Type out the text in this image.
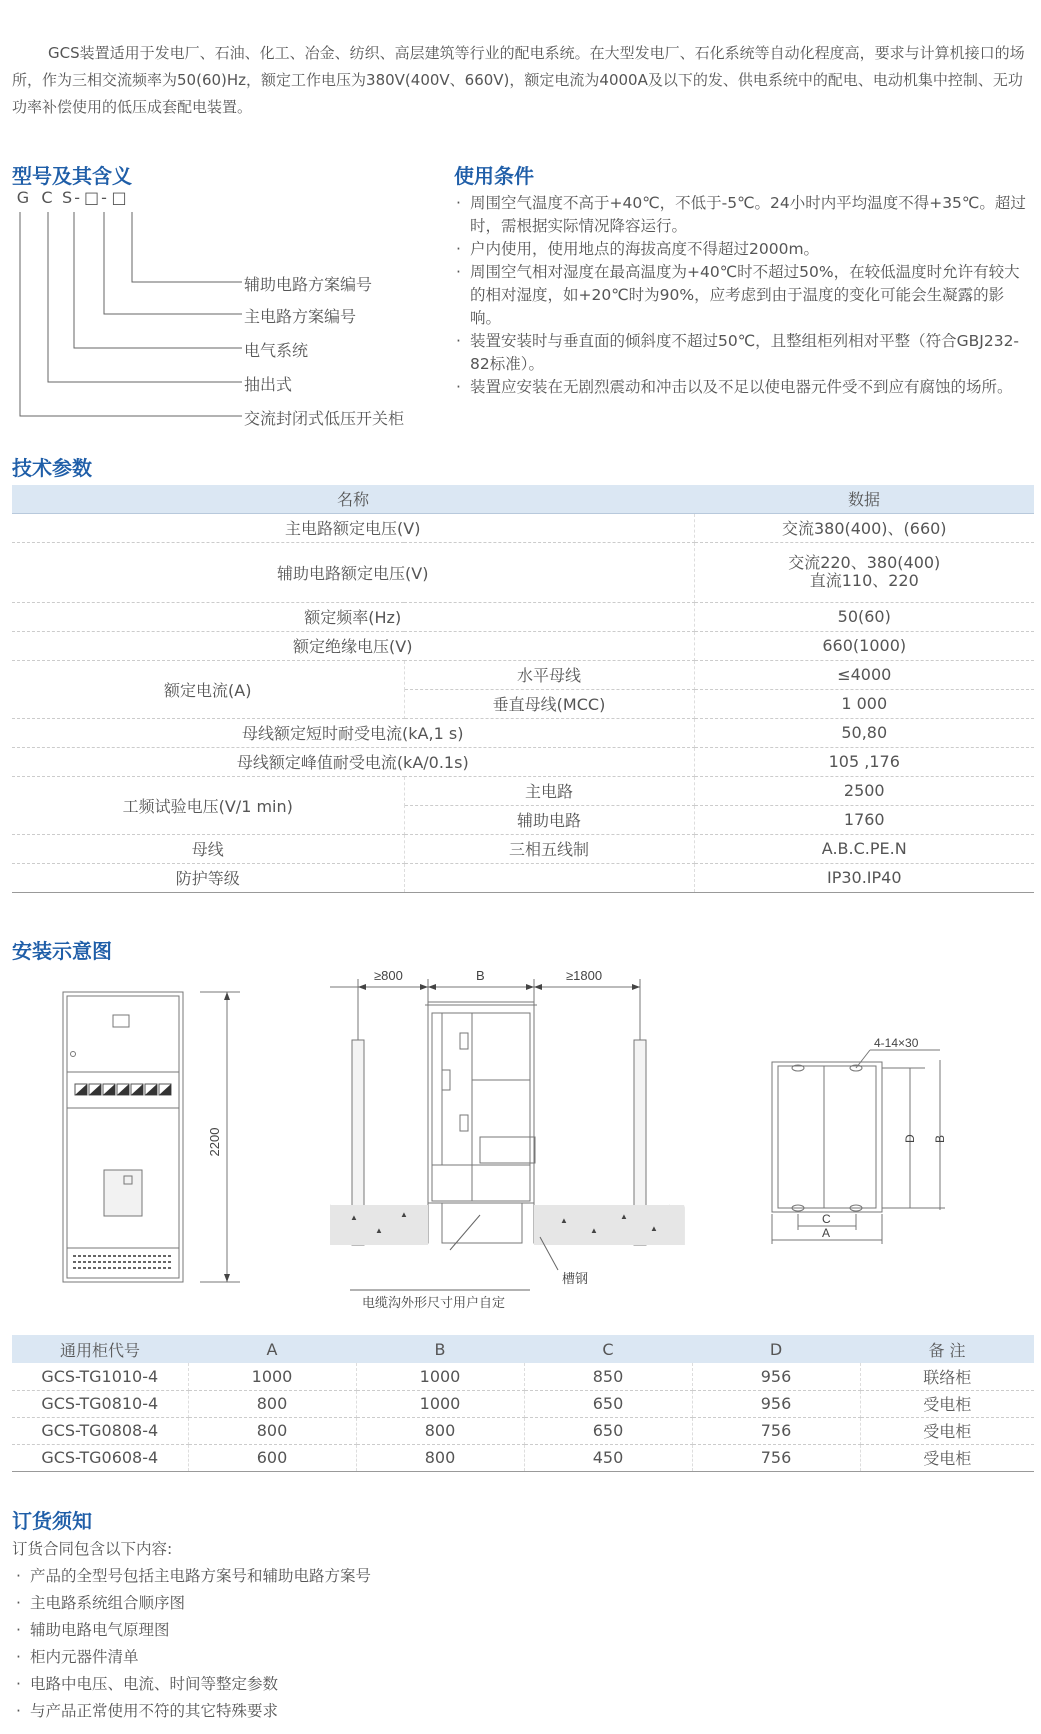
GCS装置适用于发电厂、石油、化工、冶金、纺织、高层建筑等行业的配电系统。在大型发电厂、石化系统等自动化程度高，要求与计算机接口的场所，作为三相交流频率为50(60)Hz，额定工作电压为380V(400V、660V)，额定电流为4000A及以下的发、供电系统中的配电、电动机集中控制、无功功率补偿使用的低压成套配电装置。

型号及其含义
G C S- □- □
辅助电路方案编号
主电路方案编号
电气系统
抽出式
交流封闭式低压开关柜
使用条件
· 周围空气温度不高于+40℃，不低于-5℃。24小时内平均温度不得+35℃。超过时，需根据实际情况降容运行。
· 户内使用，使用地点的海拔高度不得超过2000m。
· 周围空气相对湿度在最高温度为+40℃时不超过50%，在较低温度时允许有较大的相对湿度，如+20℃时为90%，应考虑到由于温度的变化可能会生凝露的影响。
· 装置安装时与垂直面的倾斜度不超过50℃，且整组柜列相对平整（符合GBJ232-82标准）。
· 装置应安装在无剧烈震动和冲击以及不足以使电器元件受不到应有腐蚀的场所。
技术参数
名称		数据
主电路额定电压(V)		交流380(400)、(660)
辅助电路额定电压(V)		交流220、380(400)
直流110、220

额定频率(Hz)		50(60)
额定绝缘电压(V)		660(1000)
额定电流(A)	水平母线	≤4000
	垂直母线(MCC)	1 000
母线额定短时耐受电流(kA,1 s)		50,80
母线额定峰值耐受电流(kA/0.1s)		105 ,176
工频试验电压(V/1 min)	主电路	2500
	辅助电路	1760
母线	三相五线制	A.B.C.PE.N
防护等级		IP30.IP40
安装示意图
2200
▲
▲
▲
▲
▲
▲
▲
≥800	B	≥1800
电缆沟外形尺寸用户自定
槽钢
4-14×30
D B
C
A
通用柜代号	A	B	C	D	备 注
GCS-TG1010-4	1000	1000	850	956	联络柜
GCS-TG0810-4	800	1000	650	956	受电柜
GCS-TG0808-4	800	800	650	756	受电柜
GCS-TG0608-4	600	800	450	756	受电柜
订货须知
订货合同包含以下内容:
· 产品的全型号包括主电路方案号和辅助电路方案号
· 主电路系统组合顺序图
· 辅助电路电气原理图
· 柜内元器件清单
· 电路中电压、电流、时间等整定参数
· 与产品正常使用不符的其它特殊要求
